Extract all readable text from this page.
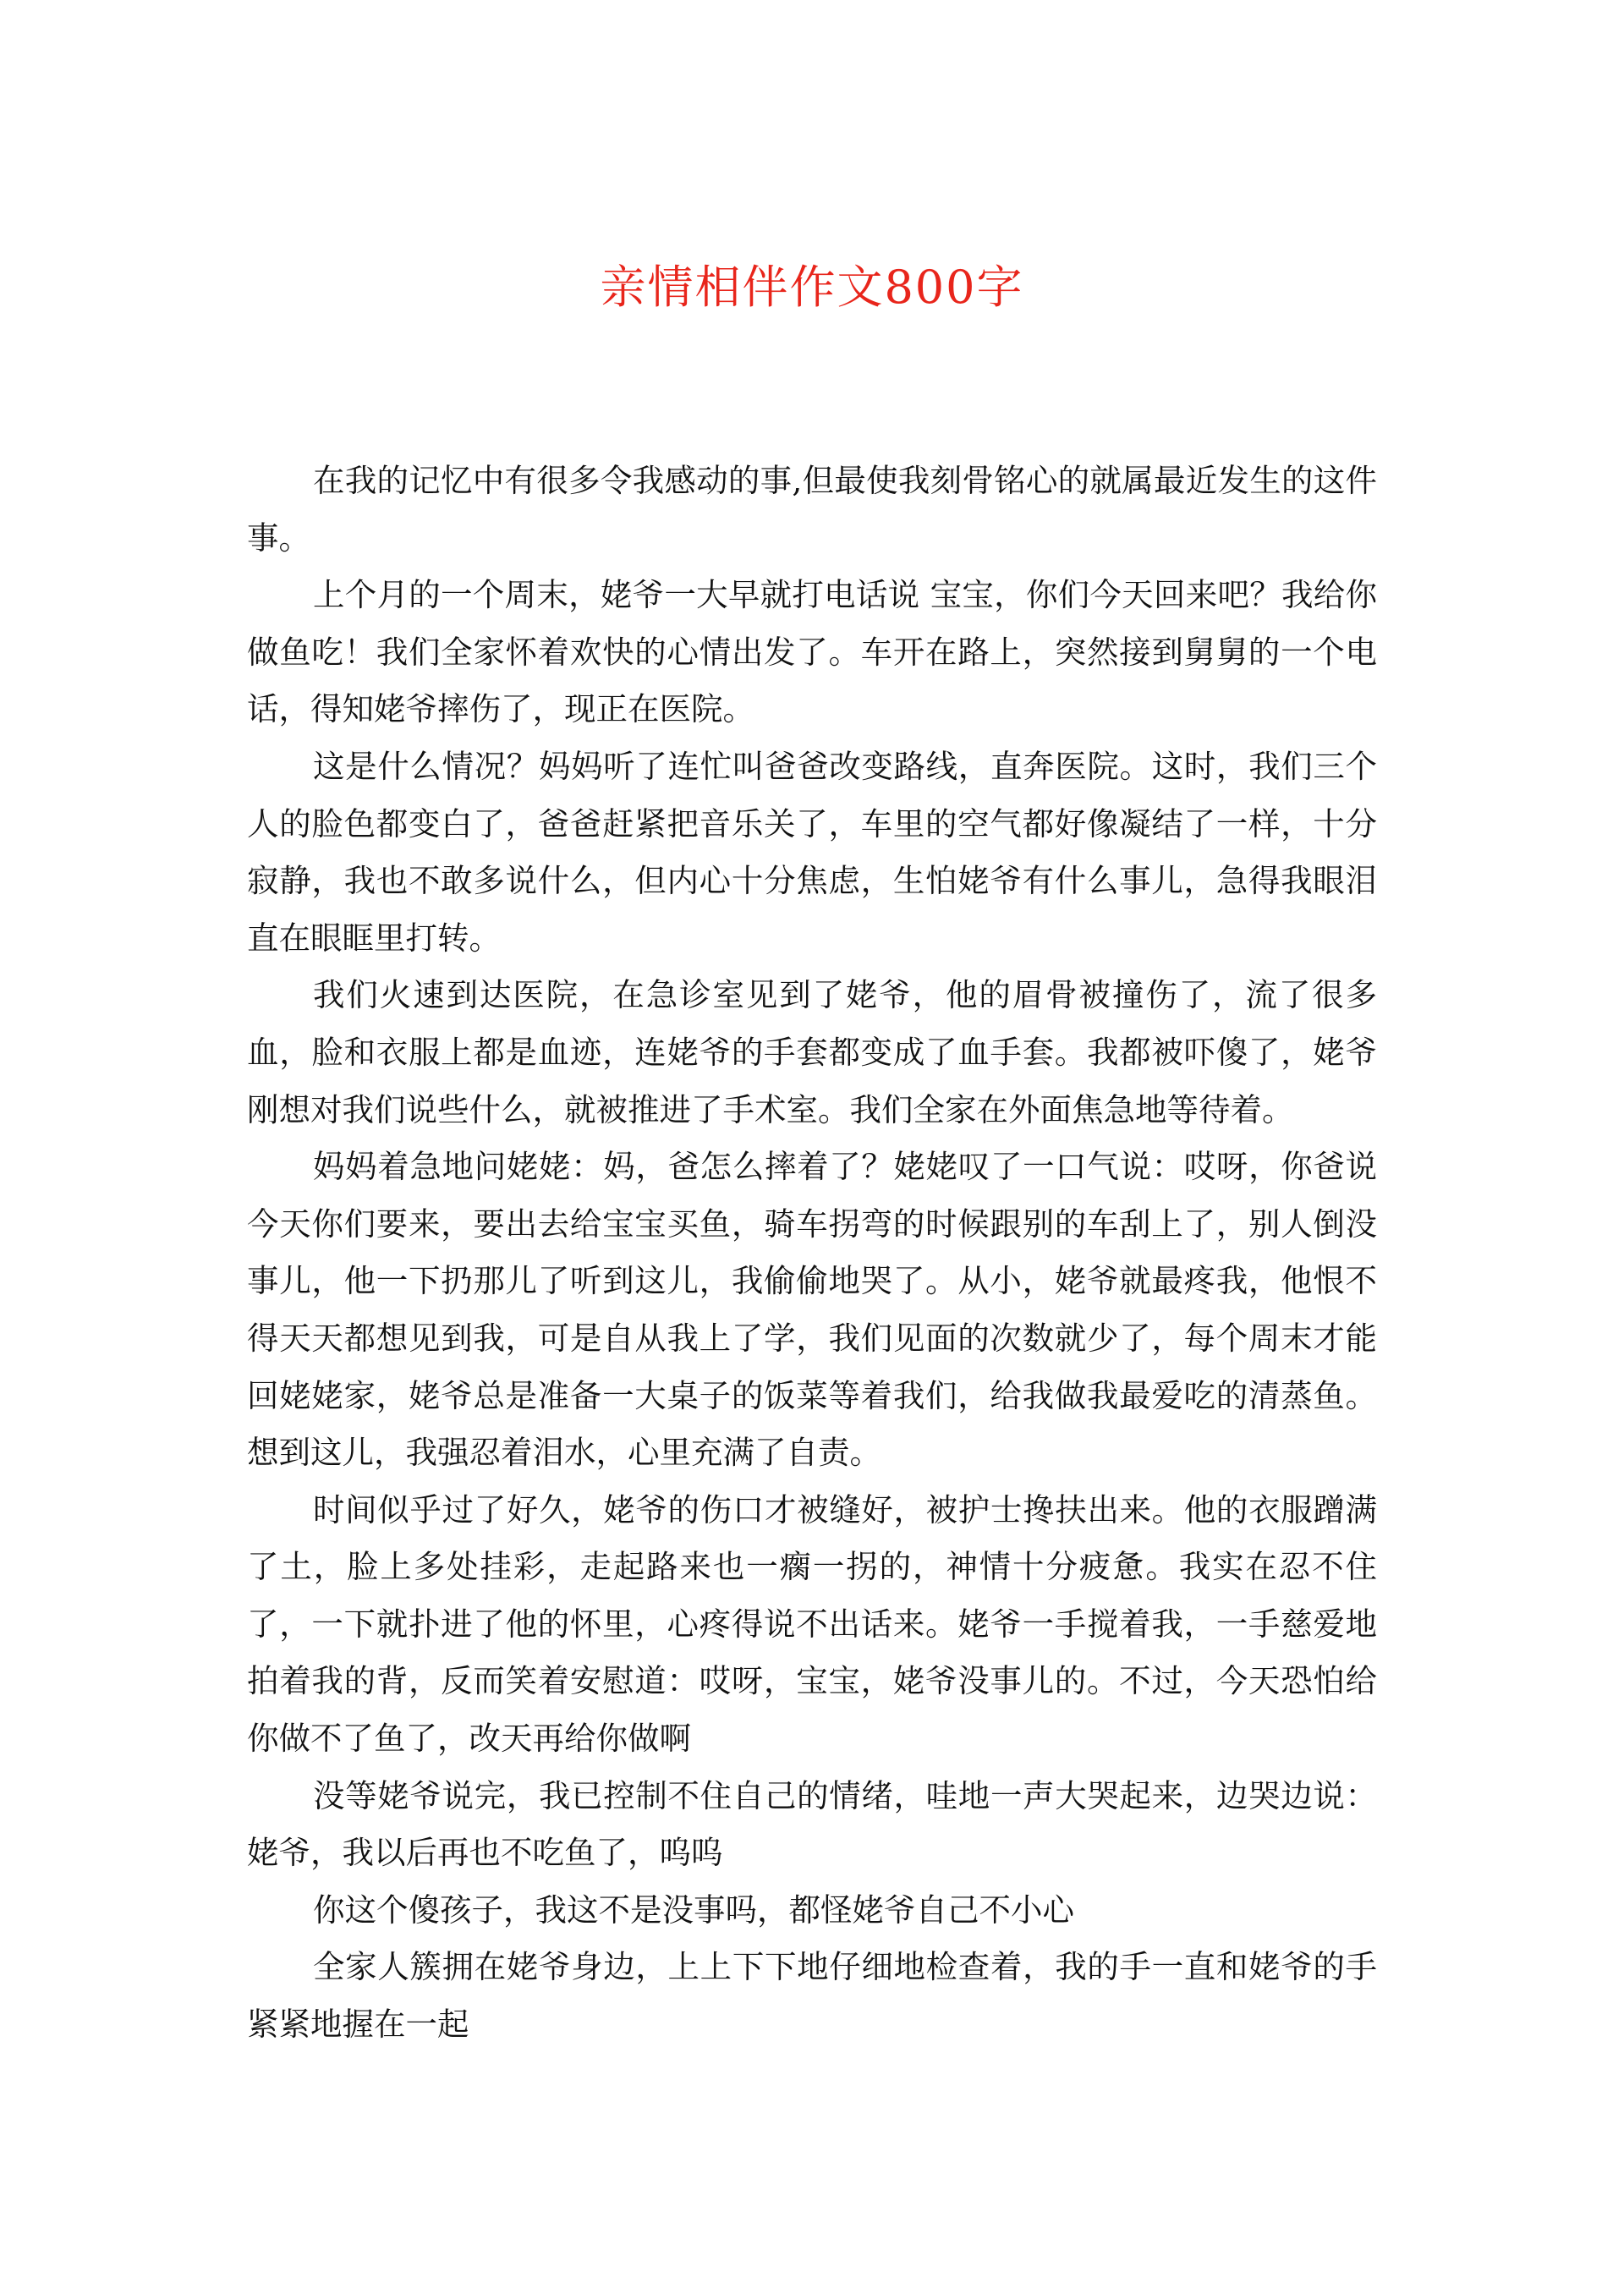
亲情相伴作文800字

在我的记忆中有很多令我感动的事,但最使我刻骨铭心的就属最近发生的这件事。

上个月的一个周末，姥爷一大早就打电话说 宝宝，你们今天回来吧？我给你做鱼吃！我们全家怀着欢快的心情出发了。车开在路上，突然接到舅舅的一个电话，得知姥爷摔伤了，现正在医院。

这是什么情况？妈妈听了连忙叫爸爸改变路线，直奔医院。这时，我们三个人的脸色都变白了，爸爸赶紧把音乐关了，车里的空气都好像凝结了一样，十分寂静，我也不敢多说什么，但内心十分焦虑，生怕姥爷有什么事儿，急得我眼泪直在眼眶里打转。

我们火速到达医院，在急诊室见到了姥爷，他的眉骨被撞伤了，流了很多血，脸和衣服上都是血迹，连姥爷的手套都变成了血手套。我都被吓傻了，姥爷刚想对我们说些什么，就被推进了手术室。我们全家在外面焦急地等待着。

妈妈着急地问姥姥：妈，爸怎么摔着了？姥姥叹了一口气说：哎呀，你爸说今天你们要来，要出去给宝宝买鱼，骑车拐弯的时候跟别的车刮上了，别人倒没事儿，他一下扔那儿了听到这儿，我偷偷地哭了。从小，姥爷就最疼我，他恨不得天天都想见到我，可是自从我上了学，我们见面的次数就少了，每个周末才能回姥姥家，姥爷总是准备一大桌子的饭菜等着我们，给我做我最爱吃的清蒸鱼。想到这儿，我强忍着泪水，心里充满了自责。

时间似乎过了好久，姥爷的伤口才被缝好，被护士搀扶出来。他的衣服蹭满了土，脸上多处挂彩，走起路来也一瘸一拐的，神情十分疲惫。我实在忍不住了，一下就扑进了他的怀里，心疼得说不出话来。姥爷一手搅着我，一手慈爱地拍着我的背，反而笑着安慰道：哎呀，宝宝，姥爷没事儿的。不过，今天恐怕给你做不了鱼了，改天再给你做啊

没等姥爷说完，我已控制不住自己的情绪，哇地一声大哭起来，边哭边说：姥爷，我以后再也不吃鱼了，呜呜

你这个傻孩子，我这不是没事吗，都怪姥爷自己不小心

全家人簇拥在姥爷身边，上上下下地仔细地检查着，我的手一直和姥爷的手紧紧地握在一起
